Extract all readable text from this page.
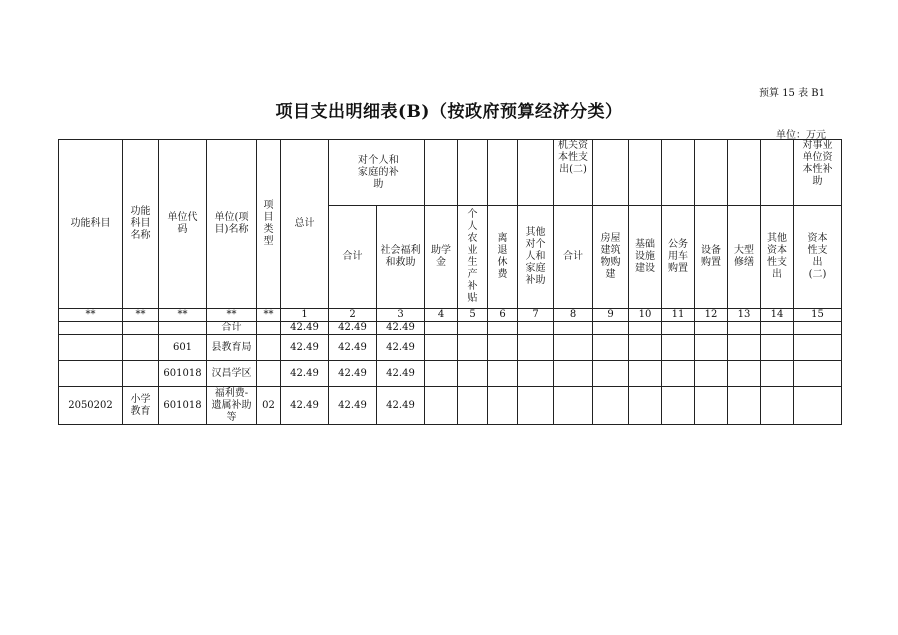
预算 15 表 B1
项目支出明细表(B)（按政府预算经济分类）
单位：万元
功能科目	功能科目名称	单位代码	单位(项目)名称	项目类型	总计	对个人和家庭的补助						机关资本性支出(二)							对事业单位资本性补助
						合计	社会福利和救助	助学金	个人农业生产补贴	离退休费	其他对个人和家庭补助	合计	房屋建筑物购建	基础设施建设	公务用车购置	设备购置	大型修缮	其他资本性支出	资本性支出(二)
**	**	**	**	**	1	2	3	4	5	6	7	8	9	10	11	12	13	14	15
			合计		42.49	42.49	42.49												
		601	县教育局		42.49	42.49	42.49												
		601018	汉昌学区		42.49	42.49	42.49												
2050202	小学教育	601018	福利费-遗属补助等	02	42.49	42.49	42.49												
